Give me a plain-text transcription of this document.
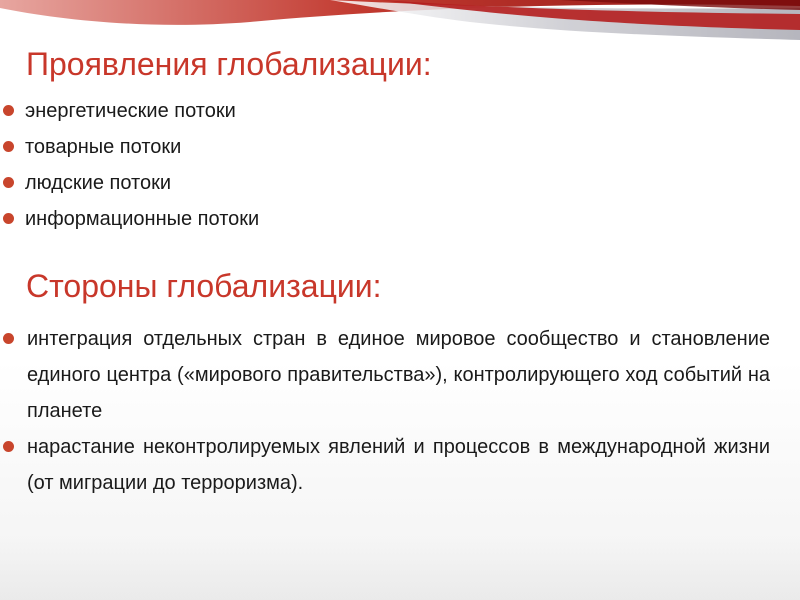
Проявления глобализации:
энергетические потоки
товарные потоки
людские потоки
информационные потоки
Стороны глобализации:
интеграция отдельных стран в единое мировое сообщество и становление единого центра («мирового правительства»), контролирующего ход событий на планете
нарастание неконтролируемых явлений и процессов в международной жизни (от миграции до терроризма).
